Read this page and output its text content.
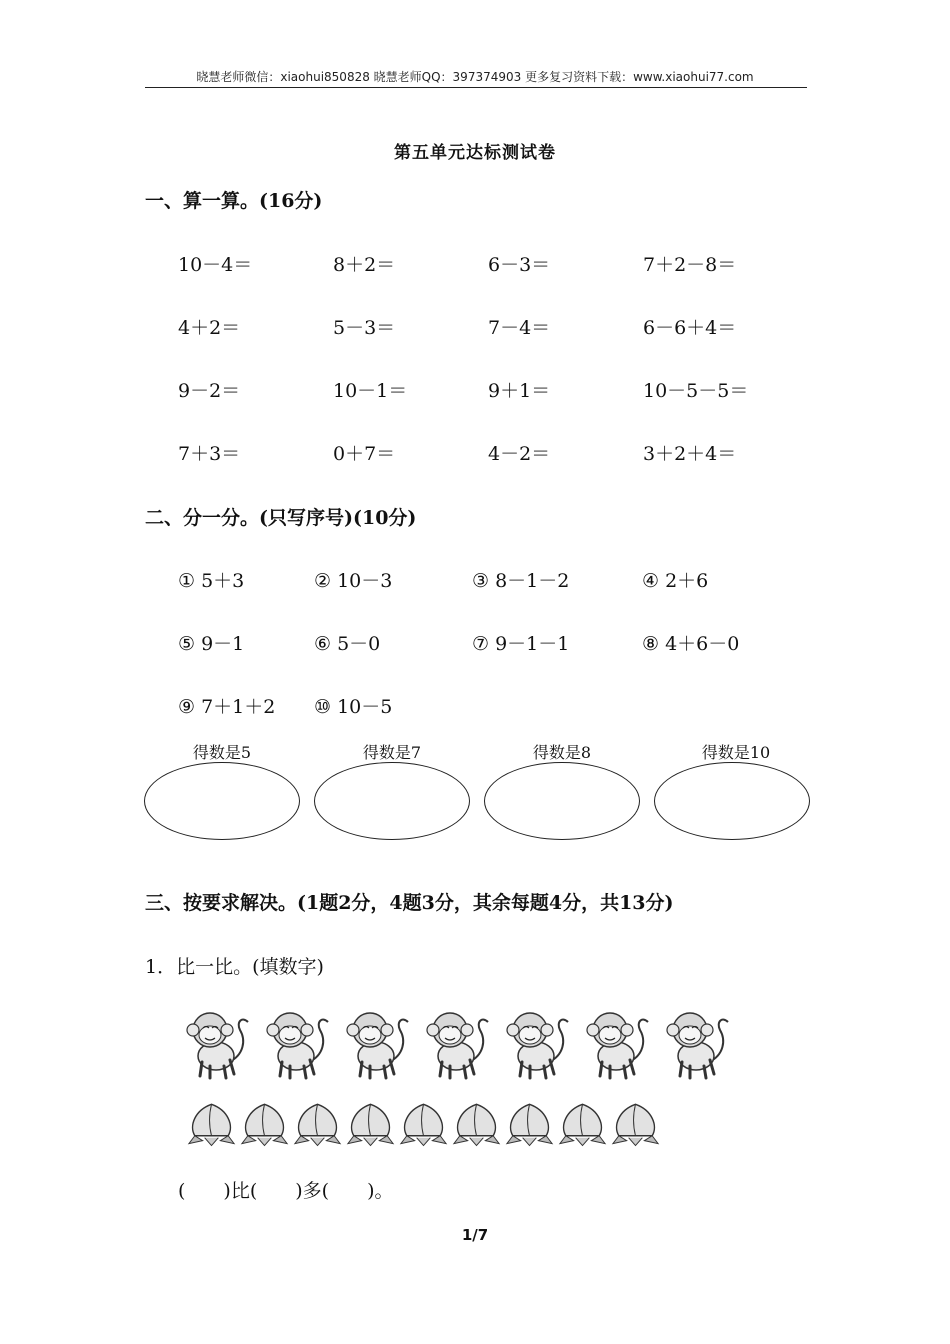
晓慧老师微信：xiaohui850828 晓慧老师QQ：397374903 更多复习资料下载：www.xiaohui77.com
第五单元达标测试卷
一、算一算。(16分)
10－4＝	8＋2＝	6－3＝	7＋2－8＝
4＋2＝	5－3＝	7－4＝	6－6＋4＝
9－2＝	10－1＝	9＋1＝	10－5－5＝
7＋3＝	0＋7＝	4－2＝	3＋2＋4＝
二、分一分。(只写序号)(10分)
① 5＋3	② 10－3	③ 8－1－2	④ 2＋6
⑤ 9－1	⑥ 5－0	⑦ 9－1－1	⑧ 4＋6－0
⑨ 7＋1＋2	⑩ 10－5
得数是5	得数是7	得数是8	得数是10
三、按要求解决。(1题2分，4题3分，其余每题4分，共13分)
1．比一比。(填数字)
(　　)比(　　)多(　　)。
1/7
